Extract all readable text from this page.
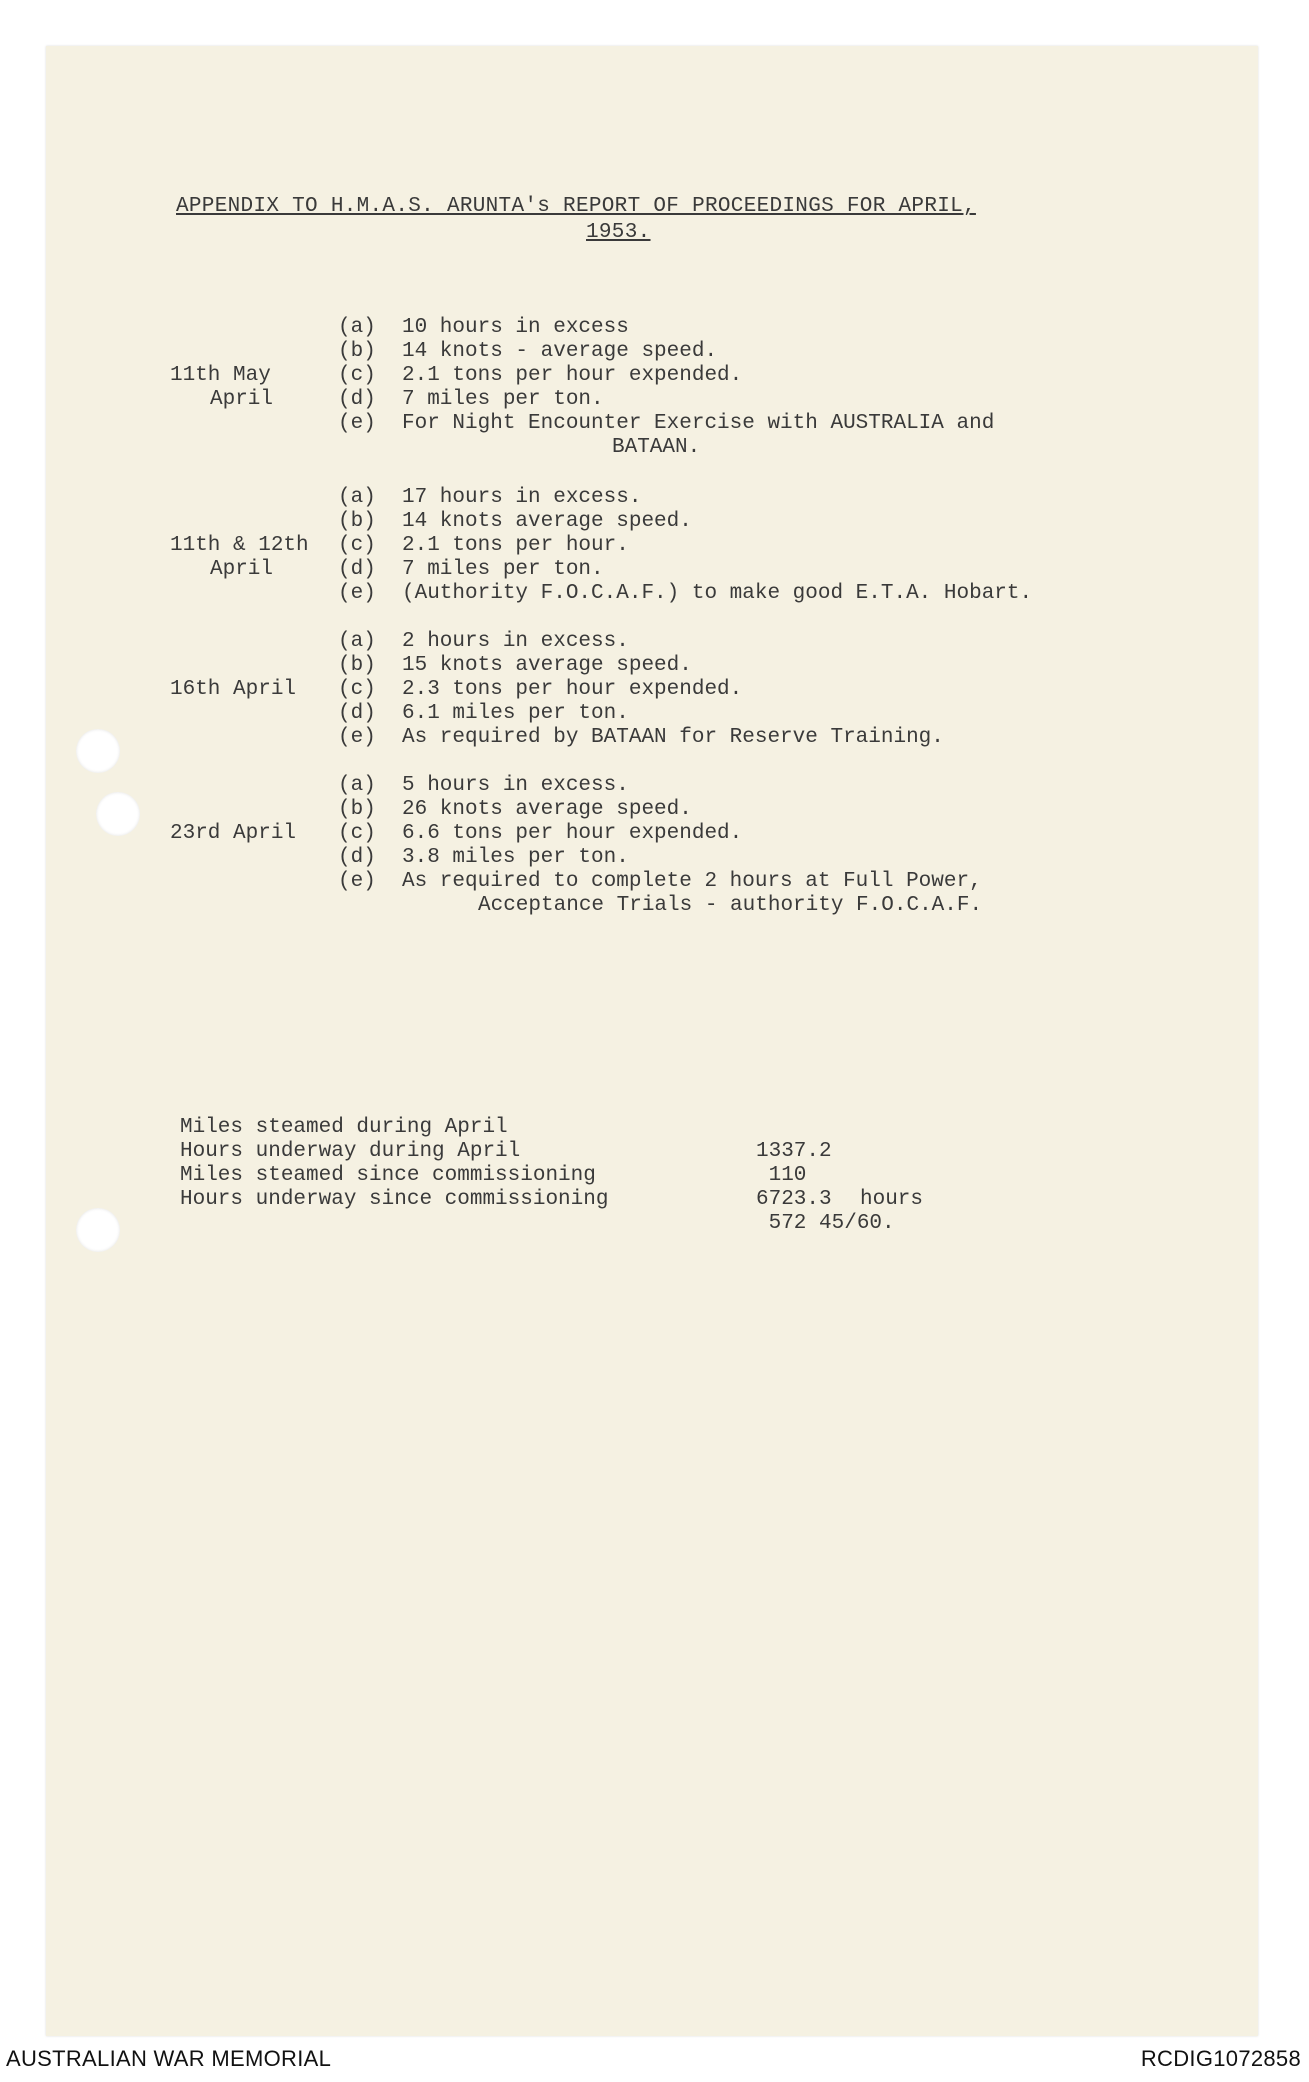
APPENDIX TO H.M.A.S. ARUNTA's REPORT OF PROCEEDINGS FOR APRIL,
1953.
11th May
April
(a)
(b)
(c)
(d)
(e)
10 hours in excess
14 knots - average speed.
2.1 tons per hour expended.
7 miles per ton.
For Night Encounter Exercise with AUSTRALIA and
BATAAN.
11th & 12th
April
(a)
(b)
(c)
(d)
(e)
17 hours in excess.
14 knots average speed.
2.1 tons per hour.
7 miles per ton.
(Authority F.O.C.A.F.) to make good E.T.A. Hobart.
16th April
(a)
(b)
(c)
(d)
(e)
2 hours in excess.
15 knots average speed.
2.3 tons per hour expended.
6.1 miles per ton.
As required by BATAAN for Reserve Training.
23rd April
(a)
(b)
(c)
(d)
(e)
5 hours in excess.
26 knots average speed.
6.6 tons per hour expended.
3.8 miles per ton.
As required to complete 2 hours at Full Power,
Acceptance Trials - authority F.O.C.A.F.

Miles steamed during April

1337.2

Hours underway during April

110

hours

Miles steamed since commissioning

6723.3

Hours underway since commissioning

572 45/60.

AUSTRALIAN WAR MEMORIAL	RCDIG1072858
